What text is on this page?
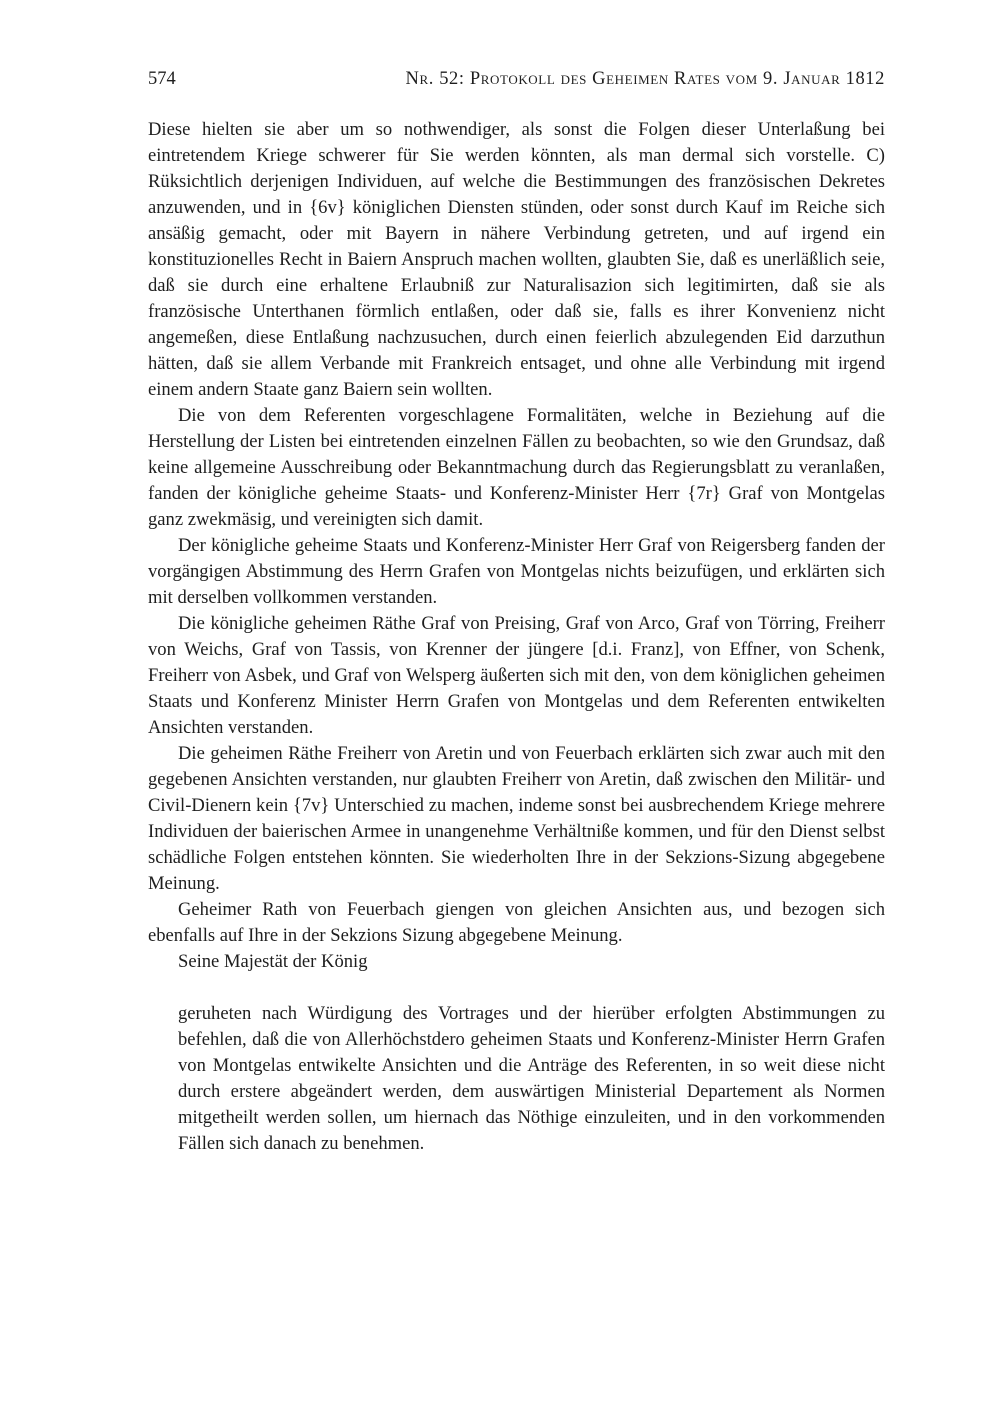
574	Nr. 52: Protokoll des Geheimen Rates vom 9. Januar 1812

Diese hielten sie aber um so nothwendiger, als sonst die Folgen dieser Unterlaßung bei eintretendem Kriege schwerer für Sie werden könnten, als man dermal sich vorstelle. C) Rüksichtlich derjenigen Individuen, auf welche die Bestimmungen des französischen Dekretes anzuwenden, und in {6v} königlichen Diensten stünden, oder sonst durch Kauf im Reiche sich ansäßig gemacht, oder mit Bayern in nähere Verbindung getreten, und auf irgend ein konstituzionelles Recht in Baiern Anspruch machen wollten, glaubten Sie, daß es unerläßlich seie, daß sie durch eine erhaltene Erlaubniß zur Naturalisazion sich legitimirten, daß sie als französische Unterthanen förmlich entlaßen, oder daß sie, falls es ihrer Konvenienz nicht angemeßen, diese Entlaßung nachzusuchen, durch einen feierlich abzulegenden Eid darzuthun hätten, daß sie allem Verbande mit Frankreich entsaget, und ohne alle Verbindung mit irgend einem andern Staate ganz Baiern sein wollten.

Die von dem Referenten vorgeschlagene Formalitäten, welche in Beziehung auf die Herstellung der Listen bei eintretenden einzelnen Fällen zu beobachten, so wie den Grundsaz, daß keine allgemeine Ausschreibung oder Bekanntmachung durch das Regierungsblatt zu veranlaßen, fanden der königliche geheime Staats- und Konferenz-Minister Herr {7r} Graf von Montgelas ganz zwekmäsig, und vereinigten sich damit.

Der königliche geheime Staats und Konferenz-Minister Herr Graf von Reigersberg fanden der vorgängigen Abstimmung des Herrn Grafen von Montgelas nichts beizufügen, und erklärten sich mit derselben vollkommen verstanden.

Die königliche geheimen Räthe Graf von Preising, Graf von Arco, Graf von Törring, Freiherr von Weichs, Graf von Tassis, von Krenner der jüngere [d.i. Franz], von Effner, von Schenk, Freiherr von Asbek, und Graf von Welsperg äußerten sich mit den, von dem königlichen geheimen Staats und Konferenz Minister Herrn Grafen von Montgelas und dem Referenten entwikelten Ansichten verstanden.

Die geheimen Räthe Freiherr von Aretin und von Feuerbach erklärten sich zwar auch mit den gegebenen Ansichten verstanden, nur glaubten Freiherr von Aretin, daß zwischen den Militär- und Civil-Dienern kein {7v} Unterschied zu machen, indeme sonst bei ausbrechendem Kriege mehrere Individuen der baierischen Armee in unangenehme Verhältniße kommen, und für den Dienst selbst schädliche Folgen entstehen könnten. Sie wiederholten Ihre in der Sekzions-Sizung abgegebene Meinung.

Geheimer Rath von Feuerbach giengen von gleichen Ansichten aus, und bezogen sich ebenfalls auf Ihre in der Sekzions Sizung abgegebene Meinung.

Seine Majestät der König

geruheten nach Würdigung des Vortrages und der hierüber erfolgten Abstimmungen zu befehlen, daß die von Allerhöchstdero geheimen Staats und Konferenz-Minister Herrn Grafen von Montgelas entwikelte Ansichten und die Anträge des Referenten, in so weit diese nicht durch erstere abgeändert werden, dem auswärtigen Ministerial Departement als Normen mitgetheilt werden sollen, um hiernach das Nöthige einzuleiten, und in den vorkommenden Fällen sich danach zu benehmen.
